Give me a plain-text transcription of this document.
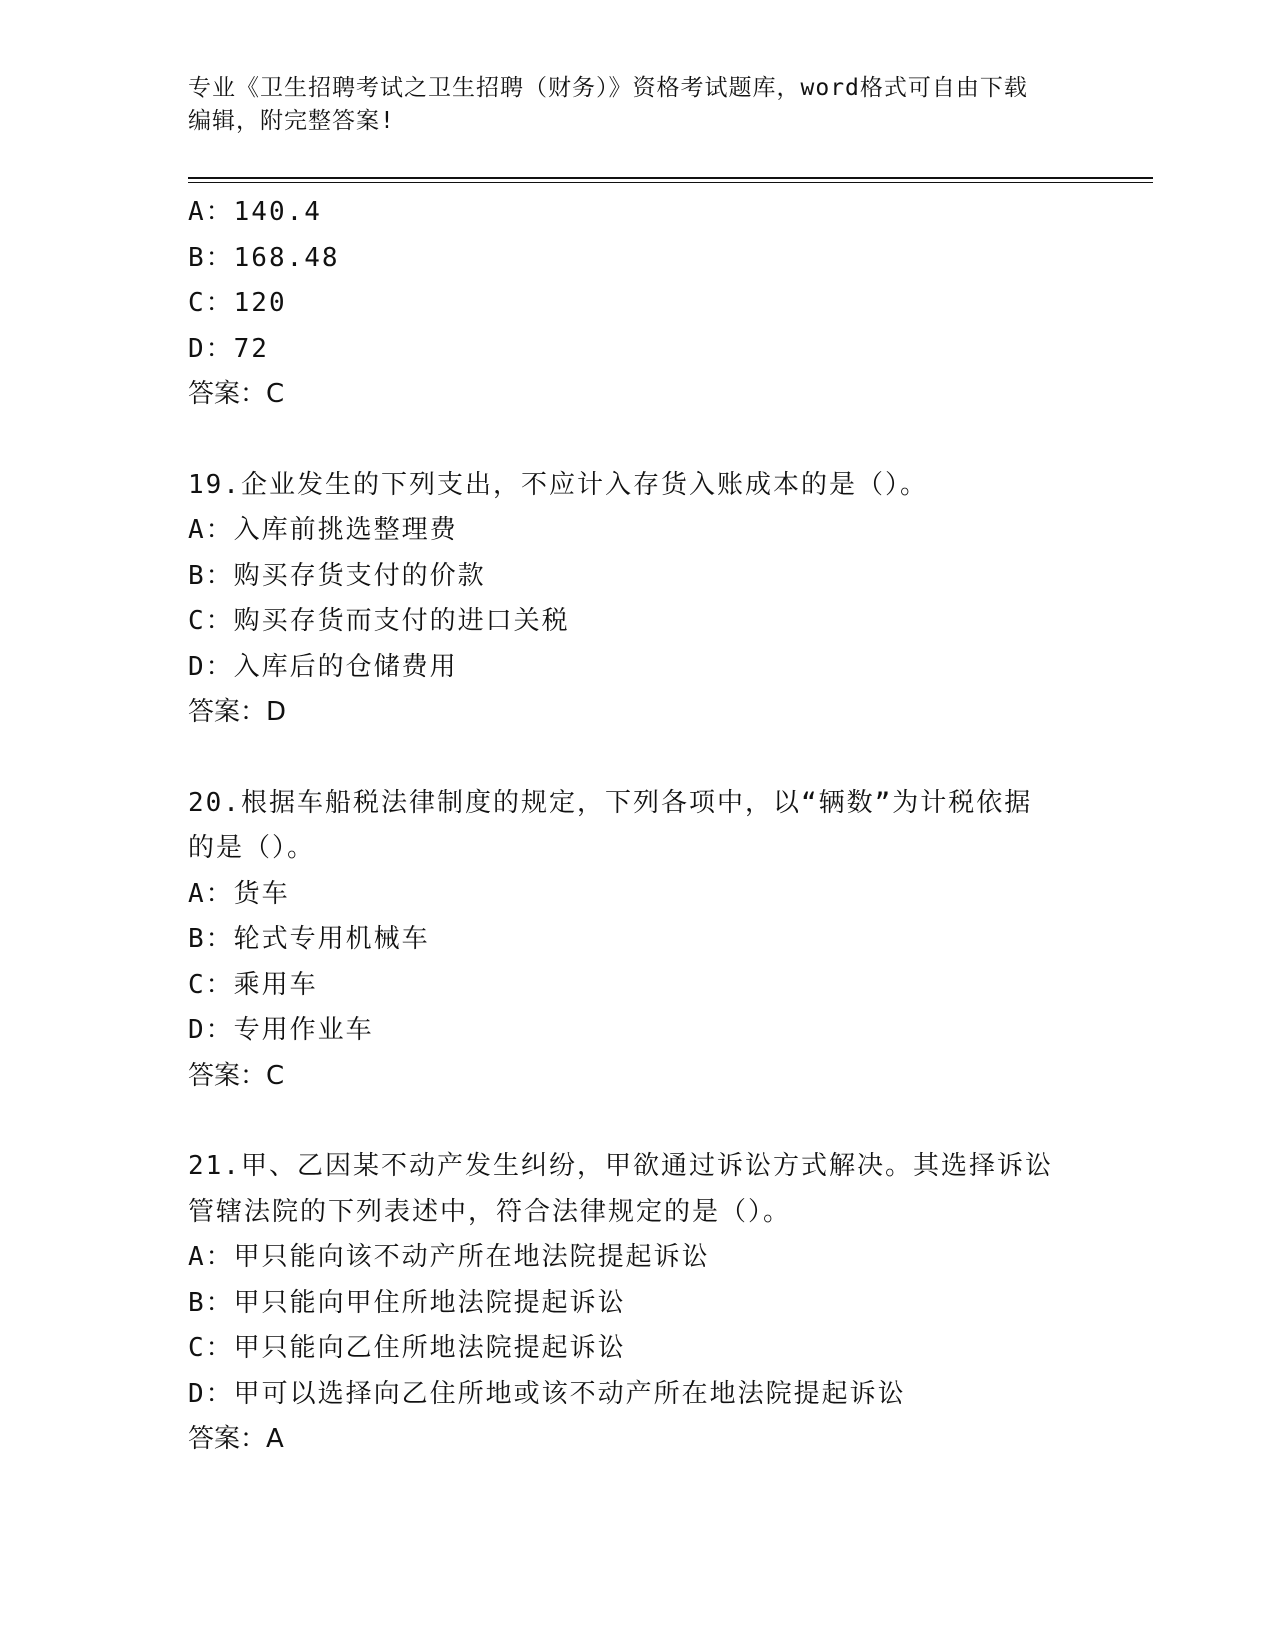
专业《卫生招聘考试之卫生招聘（财务）》资格考试题库，word格式可自由下载
编辑，附完整答案!
A：140.4
B：168.48
C：120
D：72
答案：C
19.企业发生的下列支出，不应计入存货入账成本的是（）。
A：入库前挑选整理费
B：购买存货支付的价款
C：购买存货而支付的进口关税
D：入库后的仓储费用
答案：D
20.根据车船税法律制度的规定，下列各项中，以“辆数”为计税依据
的是（）。
A：货车
B：轮式专用机械车
C：乘用车
D：专用作业车
答案：C
21.甲、乙因某不动产发生纠纷，甲欲通过诉讼方式解决。其选择诉讼
管辖法院的下列表述中，符合法律规定的是（）。
A：甲只能向该不动产所在地法院提起诉讼
B：甲只能向甲住所地法院提起诉讼
C：甲只能向乙住所地法院提起诉讼
D：甲可以选择向乙住所地或该不动产所在地法院提起诉讼
答案：A
